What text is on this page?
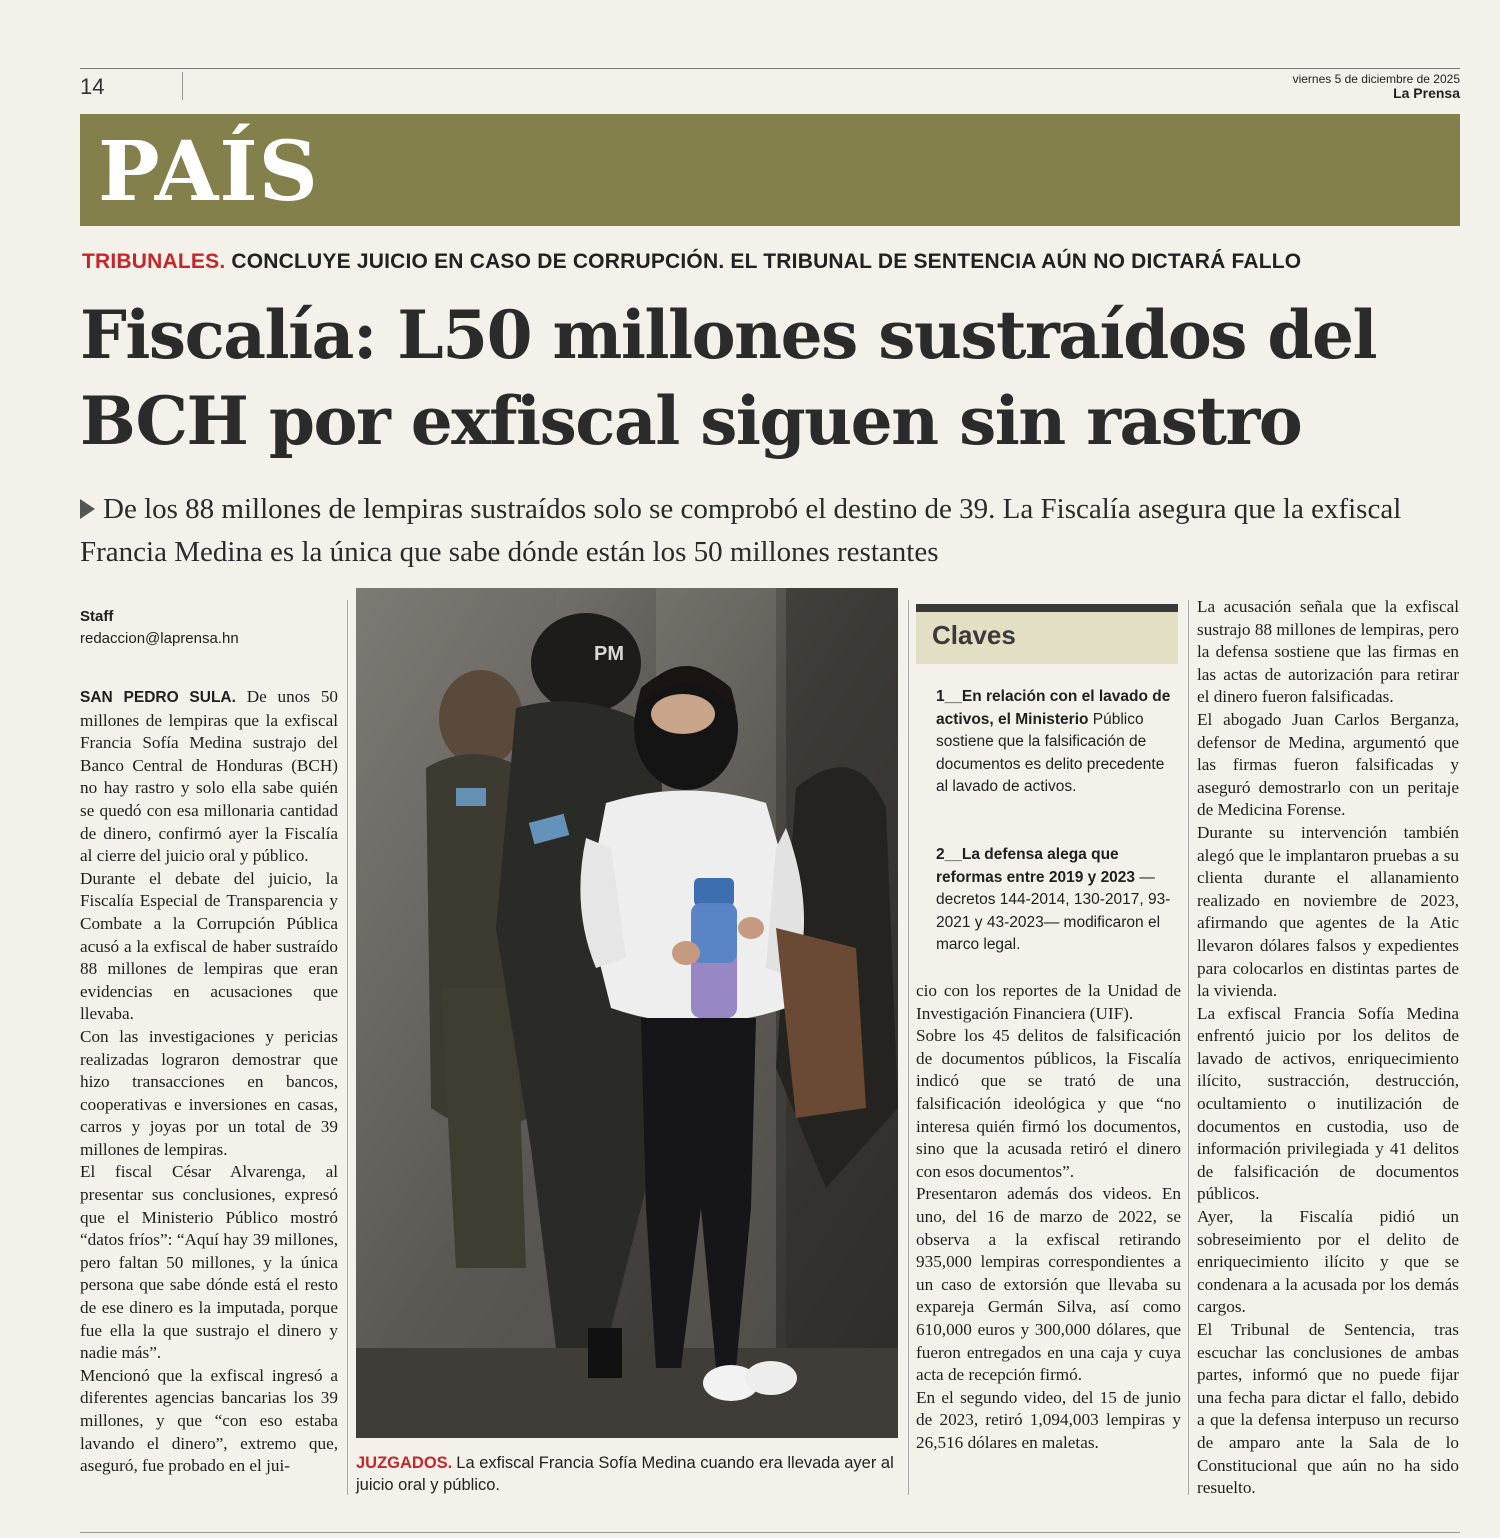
14	viernes 5 de diciembre de 2025
La Prensa
PAÍS
TRIBUNALES. CONCLUYE JUICIO EN CASO DE CORRUPCIÓN. EL TRIBUNAL DE SENTENCIA AÚN NO DICTARÁ FALLO
Fiscalía: L50 millones sustraídos del BCH por exfiscal siguen sin rastro
De los 88 millones de lempiras sustraídos solo se comprobó el destino de 39. La Fiscalía asegura que la exfiscal Francia Medina es la única que sabe dónde están los 50 millones restantes
Staff
redaccion@laprensa.hn

SAN PEDRO SULA. De unos 50 millones de lempiras que la exfiscal Francia Sofía Medina sustrajo del Banco Central de Honduras (BCH) no hay rastro y solo ella sabe quién se quedó con esa millonaria cantidad de dinero, confirmó ayer la Fiscalía al cierre del juicio oral y público.

Durante el debate del juicio, la Fiscalía Especial de Transparencia y Combate a la Corrupción Pública acusó a la exfiscal de haber sustraído 88 millones de lempiras que eran evidencias en acusaciones que llevaba.

Con las investigaciones y pericias realizadas lograron demostrar que hizo transacciones en bancos, cooperativas e inversiones en casas, carros y joyas por un total de 39 millones de lempiras.

El fiscal César Alvarenga, al presentar sus conclusiones, expresó que el Ministerio Público mostró “datos fríos”: “Aquí hay 39 millones, pero faltan 50 millones, y la única persona que sabe dónde está el resto de ese dinero es la imputada, porque fue ella la que sustrajo el dinero y nadie más”.

Mencionó que la exfiscal ingresó a diferentes agencias bancarias los 39 millones, y que “con eso estaba lavando el dinero”, extremo que, aseguró, fue probado en el jui-

PM
JUZGADOS. La exfiscal Francia Sofía Medina cuando era llevada ayer al juicio oral y público.
Claves
1__En relación con el lavado de activos, el Ministerio Público sostiene que la falsificación de documentos es delito precedente al lavado de activos.
2__La defensa alega que reformas entre 2019 y 2023 —decretos 144-2014, 130-2017, 93-2021 y 43-2023— modificaron el marco legal.

cio con los reportes de la Unidad de Investigación Financiera (UIF).

Sobre los 45 delitos de falsificación de documentos públicos, la Fiscalía indicó que se trató de una falsificación ideológica y que “no interesa quién firmó los documentos, sino que la acusada retiró el dinero con esos documentos”.

Presentaron además dos videos. En uno, del 16 de marzo de 2022, se observa a la exfiscal retirando 935,000 lempiras correspondientes a un caso de extorsión que llevaba su expareja Germán Silva, así como 610,000 euros y 300,000 dólares, que fueron entregados en una caja y cuya acta de recepción firmó.

En el segundo video, del 15 de junio de 2023, retiró 1,094,003 lempiras y 26,516 dólares en maletas.

La acusación señala que la exfiscal sustrajo 88 millones de lempiras, pero la defensa sostiene que las firmas en las actas de autorización para retirar el dinero fueron falsificadas.

El abogado Juan Carlos Berganza, defensor de Medina, argumentó que las firmas fueron falsificadas y aseguró demostrarlo con un peritaje de Medicina Forense.

Durante su intervención también alegó que le implantaron pruebas a su clienta durante el allanamiento realizado en noviembre de 2023, afirmando que agentes de la Atic llevaron dólares falsos y expedientes para colocarlos en distintas partes de la vivienda.

La exfiscal Francia Sofía Medina enfrentó juicio por los delitos de lavado de activos, enriquecimiento ilícito, sustracción, destrucción, ocultamiento o inutilización de documentos en custodia, uso de información privilegiada y 41 delitos de falsificación de documentos públicos.

Ayer, la Fiscalía pidió un sobreseimiento por el delito de enriquecimiento ilícito y que se condenara a la acusada por los demás cargos.

El Tribunal de Sentencia, tras escuchar las conclusiones de ambas partes, informó que no puede fijar una fecha para dictar el fallo, debido a que la defensa interpuso un recurso de amparo ante la Sala de lo Constitucional que aún no ha sido resuelto.
